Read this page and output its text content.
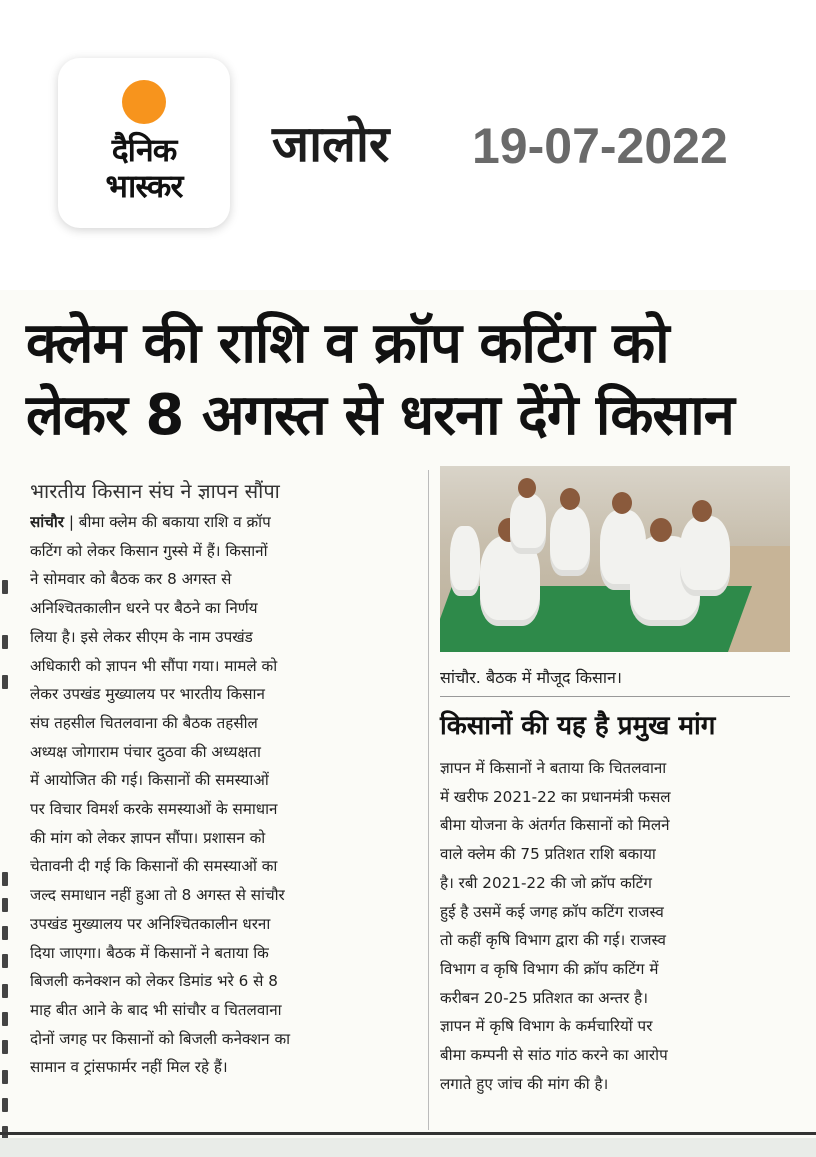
दैनिक
भास्कर
जालोर 19-07-2022
क्लेम की राशि व क्रॉप कटिंग को
लेकर 8 अगस्त से धरना देंगे किसान
भारतीय किसान संघ ने ज्ञापन सौंपा
सांचौर | बीमा क्लेम की बकाया राशि व क्रॉप
कटिंग को लेकर किसान गुस्से में हैं। किसानों
ने सोमवार को बैठक कर 8 अगस्त से
अनिश्चितकालीन धरने पर बैठने का निर्णय
लिया है। इसे लेकर सीएम के नाम उपखंड
अधिकारी को ज्ञापन भी सौंपा गया। मामले को
लेकर उपखंड मुख्यालय पर भारतीय किसान
संघ तहसील चितलवाना की बैठक तहसील
अध्यक्ष जोगाराम पंचार दुठवा की अध्यक्षता
में आयोजित की गई। किसानों की समस्याओं
पर विचार विमर्श करके समस्याओं के समाधान
की मांग को लेकर ज्ञापन सौंपा। प्रशासन को
चेतावनी दी गई कि किसानों की समस्याओं का
जल्द समाधान नहीं हुआ तो 8 अगस्त से सांचौर
उपखंड मुख्यालय पर अनिश्चितकालीन धरना
दिया जाएगा। बैठक में किसानों ने बताया कि
बिजली कनेक्शन को लेकर डिमांड भरे 6 से 8
माह बीत आने के बाद भी सांचौर व चितलवाना
दोनों जगह पर किसानों को बिजली कनेक्शन का
सामान व ट्रांसफार्मर नहीं मिल रहे हैं।
सांचौर. बैठक में मौजूद किसान।
किसानों की यह है प्रमुख मांग
ज्ञापन में किसानों ने बताया कि चितलवाना
में खरीफ 2021-22 का प्रधानमंत्री फसल
बीमा योजना के अंतर्गत किसानों को मिलने
वाले क्लेम की 75 प्रतिशत राशि बकाया
है। रबी 2021-22 की जो क्रॉप कटिंग
हुई है उसमें कई जगह क्रॉप कटिंग राजस्व
तो कहीं कृषि विभाग द्वारा की गई। राजस्व
विभाग व कृषि विभाग की क्रॉप कटिंग में
करीबन 20-25 प्रतिशत का अन्तर है।
ज्ञापन में कृषि विभाग के कर्मचारियों पर
बीमा कम्पनी से सांठ गांठ करने का आरोप
लगाते हुए जांच की मांग की है।
